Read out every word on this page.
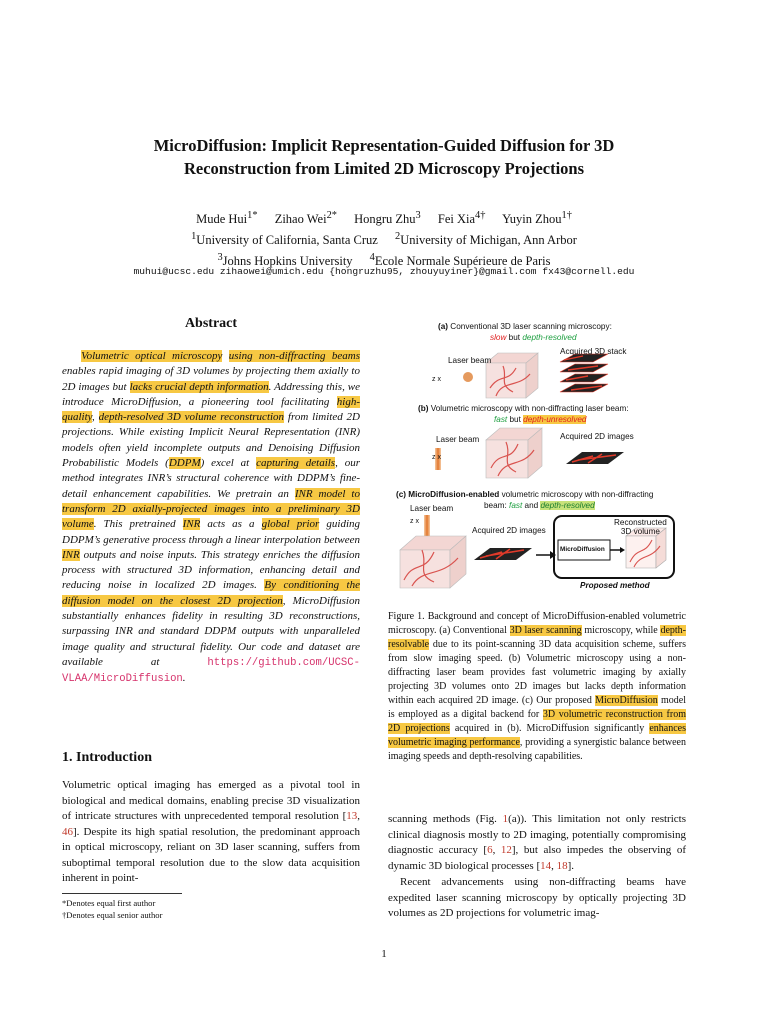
MicroDiffusion: Implicit Representation-Guided Diffusion for 3D
Reconstruction from Limited 2D Microscopy Projections
Mude Hui$^{1*}$ Zihao Wei$^{2*}$ Hongru Zhu$^3$ Fei Xia$^{4\dagger}$ Yuyin Zhou$^{1\dagger}$
$^1$University of California, Santa Cruz $^2$University of Michigan, Ann Arbor
$^3$Johns Hopkins University $^4$Ecole Normale Supérieure de Paris
muhui@ucsc.edu zihaowei@umich.edu {hongruzhu95, zhouyuyiner}@gmail.com fx43@cornell.edu
Abstract
Volumetric optical microscopy using non-diffracting beams enables rapid imaging of 3D volumes by projecting them axially to 2D images but lacks crucial depth information. Addressing this, we introduce MicroDiffusion, a pioneering tool facilitating high-quality, depth-resolved 3D volume reconstruction from limited 2D projections. While existing Implicit Neural Representation (INR) models often yield incomplete outputs and Denoising Diffusion Probabilistic Models (DDPM) excel at capturing details, our method integrates INR’s structural coherence with DDPM’s fine-detail enhancement capabilities. We pretrain an INR model to transform 2D axially-projected images into a preliminary 3D volume. This pretrained INR acts as a global prior guiding DDPM’s generative process through a linear interpolation between INR outputs and noise inputs. This strategy enriches the diffusion process with structured 3D information, enhancing detail and reducing noise in localized 2D images. By conditioning the diffusion model on the closest 2D projection, MicroDiffusion substantially enhances fidelity in resulting 3D reconstructions, surpassing INR and standard DDPM outputs with unparalleled image quality and structural fidelity. Our code and dataset are available at https://github.com/UCSC-VLAA/MicroDiffusion.
1. Introduction
Volumetric optical imaging has emerged as a pivotal tool in biological and medical domains, enabling precise 3D visualization of intricate structures with unprecedented temporal resolution [13, 46]. Despite its high spatial resolution, the predominant approach in optical microscopy, reliant on 3D laser scanning, suffers from suboptimal temporal resolution due to the slow data acquisition inherent in point-
*Denotes equal first author
†Denotes equal senior author
(a) Conventional 3D laser scanning microscopy:
slow but depth-resolved
Laser beam
z x
Acquired 3D stack
(b) Volumetric microscopy with non-diffracting laser beam:
fast but depth-unresolved
Laser beam
z x
Acquired 2D images
(c) MicroDiffusion-enabled volumetric microscopy with non-diffracting
beam: fast and depth-resolved
Laser beam
z x
Acquired 2D images
Reconstructed
3D volume
MicroDiffusion
Proposed method
Figure 1. Background and concept of MicroDiffusion-enabled volumetric microscopy. (a) Conventional 3D laser scanning microscopy, while depth-resolvable due to its point-scanning 3D data acquisition scheme, suffers from slow imaging speed. (b) Volumetric microscopy using a non-diffracting laser beam provides fast volumetric imaging by axially projecting 3D volumes onto 2D images but lacks depth information within each acquired 2D image. (c) Our proposed MicroDiffusion model is employed as a digital backend for 3D volumetric reconstruction from 2D projections acquired in (b). MicroDiffusion significantly enhances volumetric imaging performance, providing a synergistic balance between imaging speeds and depth-resolving capabilities.

scanning methods (Fig. 1(a)). This limitation not only restricts clinical diagnosis mostly to 2D imaging, potentially compromising diagnostic accuracy [6, 12], but also impedes the observing of dynamic 3D biological processes [14, 18].

Recent advancements using non-diffracting beams have expedited laser scanning microscopy by optically projecting 3D volumes as 2D projections for volumetric imag-

1
